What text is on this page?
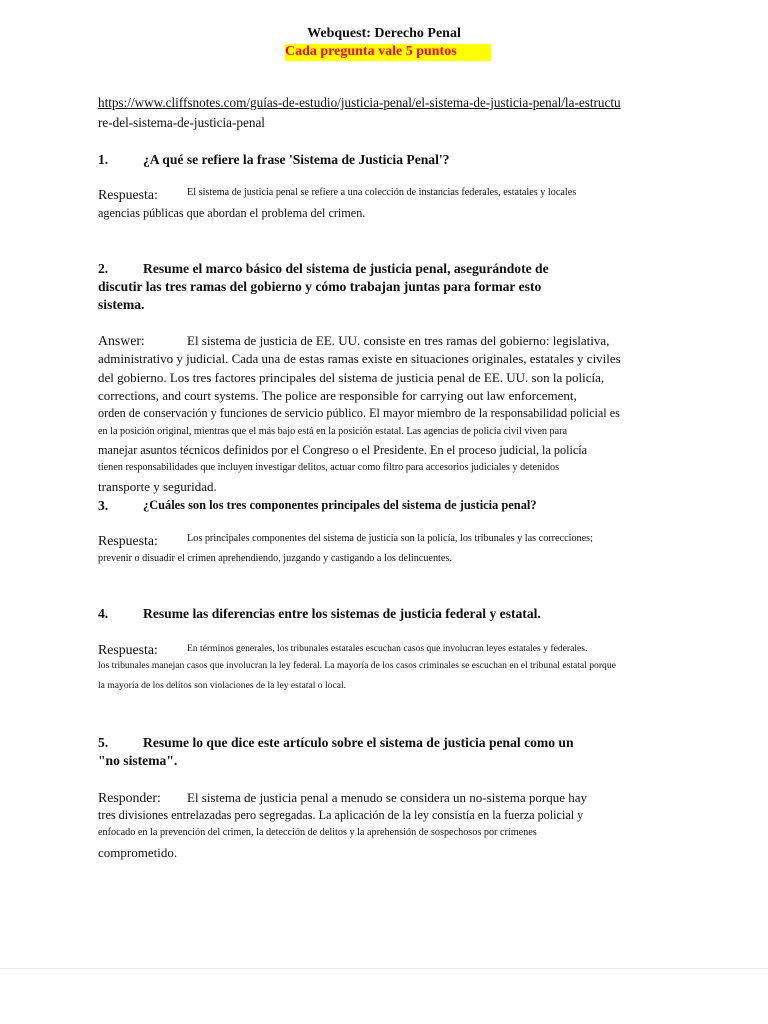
Webquest: Derecho Penal
Cada pregunta vale 5 puntos
https://www.cliffsnotes.com/guías-de-estudio/justicia-penal/el-sistema-de-justicia-penal/la-estructu
re-del-sistema-de-justicia-penal
1.	¿A qué se refiere la frase 'Sistema de Justicia Penal'?
Respuesta:	El sistema de justicia penal se refiere a una colección de instancias federales, estatales y locales
agencias públicas que abordan el problema del crimen.
2.	Resume el marco básico del sistema de justicia penal, asegurándote de
discutir las tres ramas del gobierno y cómo trabajan juntas para formar esto
sistema.
Answer:	El sistema de justicia de EE. UU. consiste en tres ramas del gobierno: legislativa,
administrativo y judicial. Cada una de estas ramas existe en situaciones originales, estatales y civiles
del gobierno. Los tres factores principales del sistema de justicia penal de EE. UU. son la policía,
corrections, and court systems. The police are responsible for carrying out law enforcement,
orden de conservación y funciones de servicio público. El mayor miembro de la responsabilidad policial es
en la posición original, mientras que el más bajo está en la posición estatal. Las agencias de policía civil viven para
manejar asuntos técnicos definidos por el Congreso o el Presidente. En el proceso judicial, la policía
tienen responsabilidades que incluyen investigar delitos, actuar como filtro para accesorios judiciales y detenidos
transporte y seguridad.
3.	¿Cuáles son los tres componentes principales del sistema de justicia penal?
Respuesta:	Los principales componentes del sistema de justicia son la policía, los tribunales y las correcciones;
prevenir o disuadir el crimen aprehendiendo, juzgando y castigando a los delincuentes.
4.	Resume las diferencias entre los sistemas de justicia federal y estatal.
Respuesta:	En términos generales, los tribunales estatales escuchan casos que involucran leyes estatales y federales.
los tribunales manejan casos que involucran la ley federal. La mayoría de los casos criminales se escuchan en el tribunal estatal porque
la mayoría de los delitos son violaciones de la ley estatal o local.
5.	Resume lo que dice este artículo sobre el sistema de justicia penal como un
"no sistema".
Responder: El sistema de justicia penal a menudo se considera un no-sistema porque hay
tres divisiones entrelazadas pero segregadas. La aplicación de la ley consistía en la fuerza policial y
enfocado en la prevención del crimen, la detección de delitos y la aprehensión de sospechosos por crímenes
comprometido.
